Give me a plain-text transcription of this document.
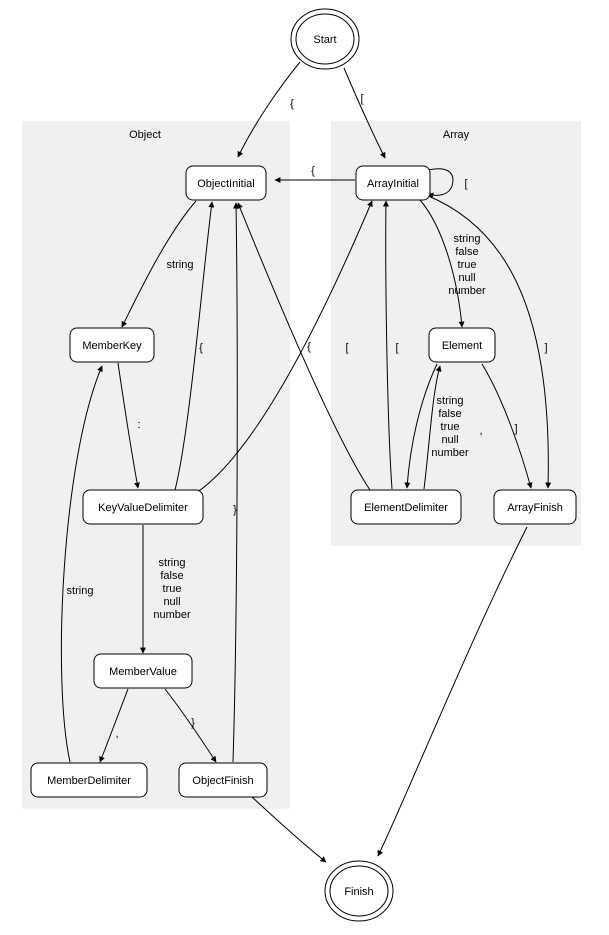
Object	Array
Start
ObjectInitial	ArrayInitial
MemberKey	Element
KeyValueDelimiter	ElementDelimiter	ArrayFinish
MemberValue
MemberDelimiter	ObjectFinish
Finish
{	[
{
[
string
string
false
true
null
number
{	{	[	[	]
:
string
false
true
null
number
,	]
}
string
false
true
null
number
string
,
}
